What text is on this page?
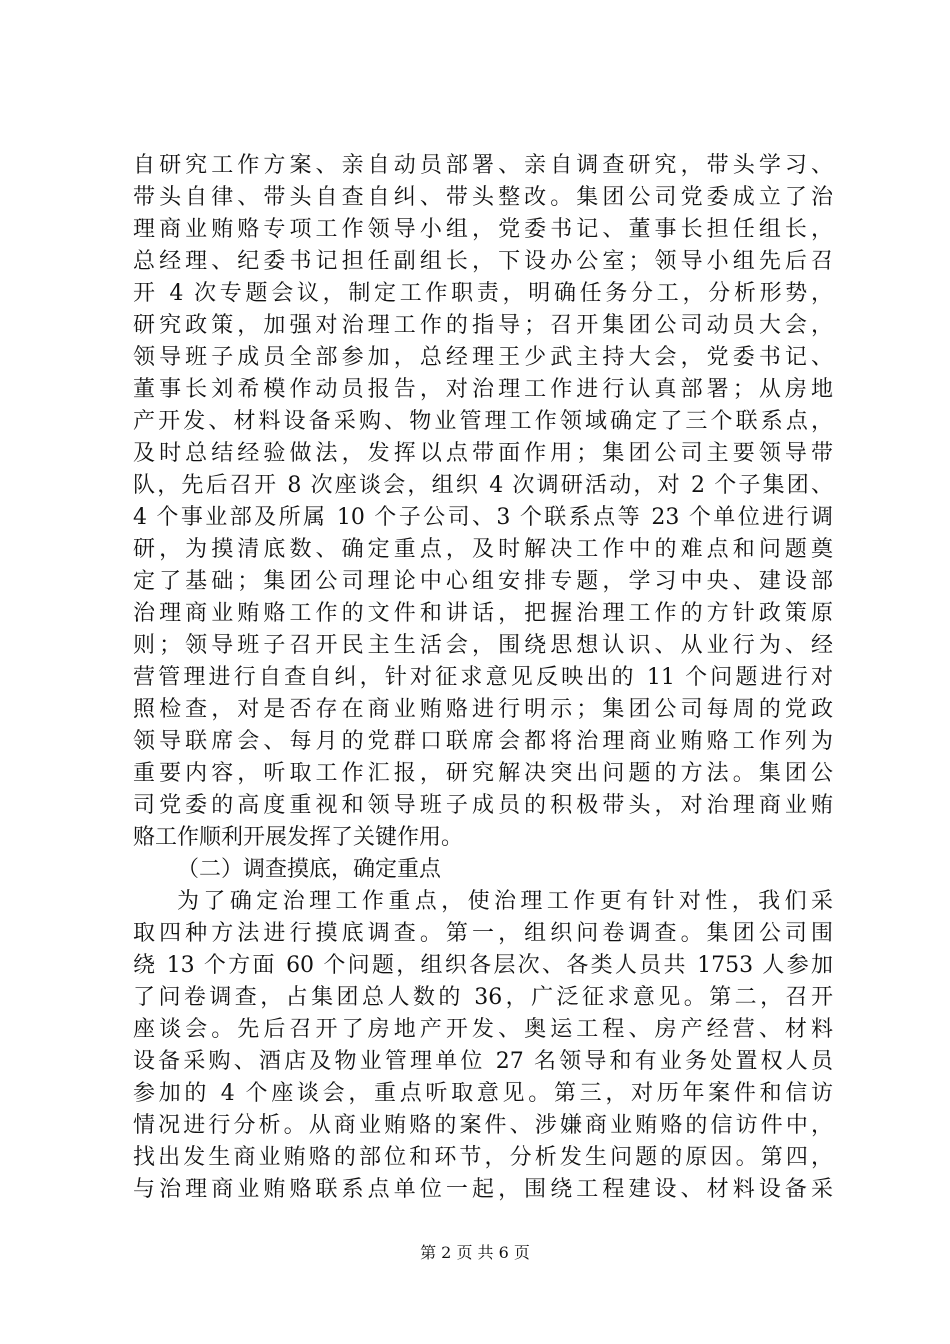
自研究工作方案、亲自动员部署、亲自调查研究，带头学习、
带头自律、带头自查自纠、带头整改。集团公司党委成立了治
理商业贿赂专项工作领导小组，党委书记、董事长担任组长，
总经理、纪委书记担任副组长，下设办公室；领导小组先后召
开 4 次专题会议，制定工作职责，明确任务分工，分析形势，
研究政策，加强对治理工作的指导；召开集团公司动员大会，
领导班子成员全部参加，总经理王少武主持大会，党委书记、
董事长刘希模作动员报告，对治理工作进行认真部署；从房地
产开发、材料设备采购、物业管理工作领域确定了三个联系点，
及时总结经验做法，发挥以点带面作用；集团公司主要领导带
队，先后召开 8 次座谈会，组织 4 次调研活动，对 2 个子集团、
4 个事业部及所属 10 个子公司、3 个联系点等 23 个单位进行调
研，为摸清底数、确定重点，及时解决工作中的难点和问题奠
定了基础；集团公司理论中心组安排专题，学习中央、建设部
治理商业贿赂工作的文件和讲话，把握治理工作的方针政策原
则；领导班子召开民主生活会，围绕思想认识、从业行为、经
营管理进行自查自纠，针对征求意见反映出的 11 个问题进行对
照检查，对是否存在商业贿赂进行明示；集团公司每周的党政
领导联席会、每月的党群口联席会都将治理商业贿赂工作列为
重要内容，听取工作汇报，研究解决突出问题的方法。集团公
司党委的高度重视和领导班子成员的积极带头，对治理商业贿
赂工作顺利开展发挥了关键作用。
（二）调查摸底，确定重点
为了确定治理工作重点，使治理工作更有针对性，我们采
取四种方法进行摸底调查。第一，组织问卷调查。集团公司围
绕 13 个方面 60 个问题，组织各层次、各类人员共 1753 人参加
了问卷调查，占集团总人数的 36，广泛征求意见。第二，召开
座谈会。先后召开了房地产开发、奥运工程、房产经营、材料
设备采购、酒店及物业管理单位 27 名领导和有业务处置权人员
参加的 4 个座谈会，重点听取意见。第三，对历年案件和信访
情况进行分析。从商业贿赂的案件、涉嫌商业贿赂的信访件中，
找出发生商业贿赂的部位和环节，分析发生问题的原因。第四，
与治理商业贿赂联系点单位一起，围绕工程建设、材料设备采
第 2 页 共 6 页
